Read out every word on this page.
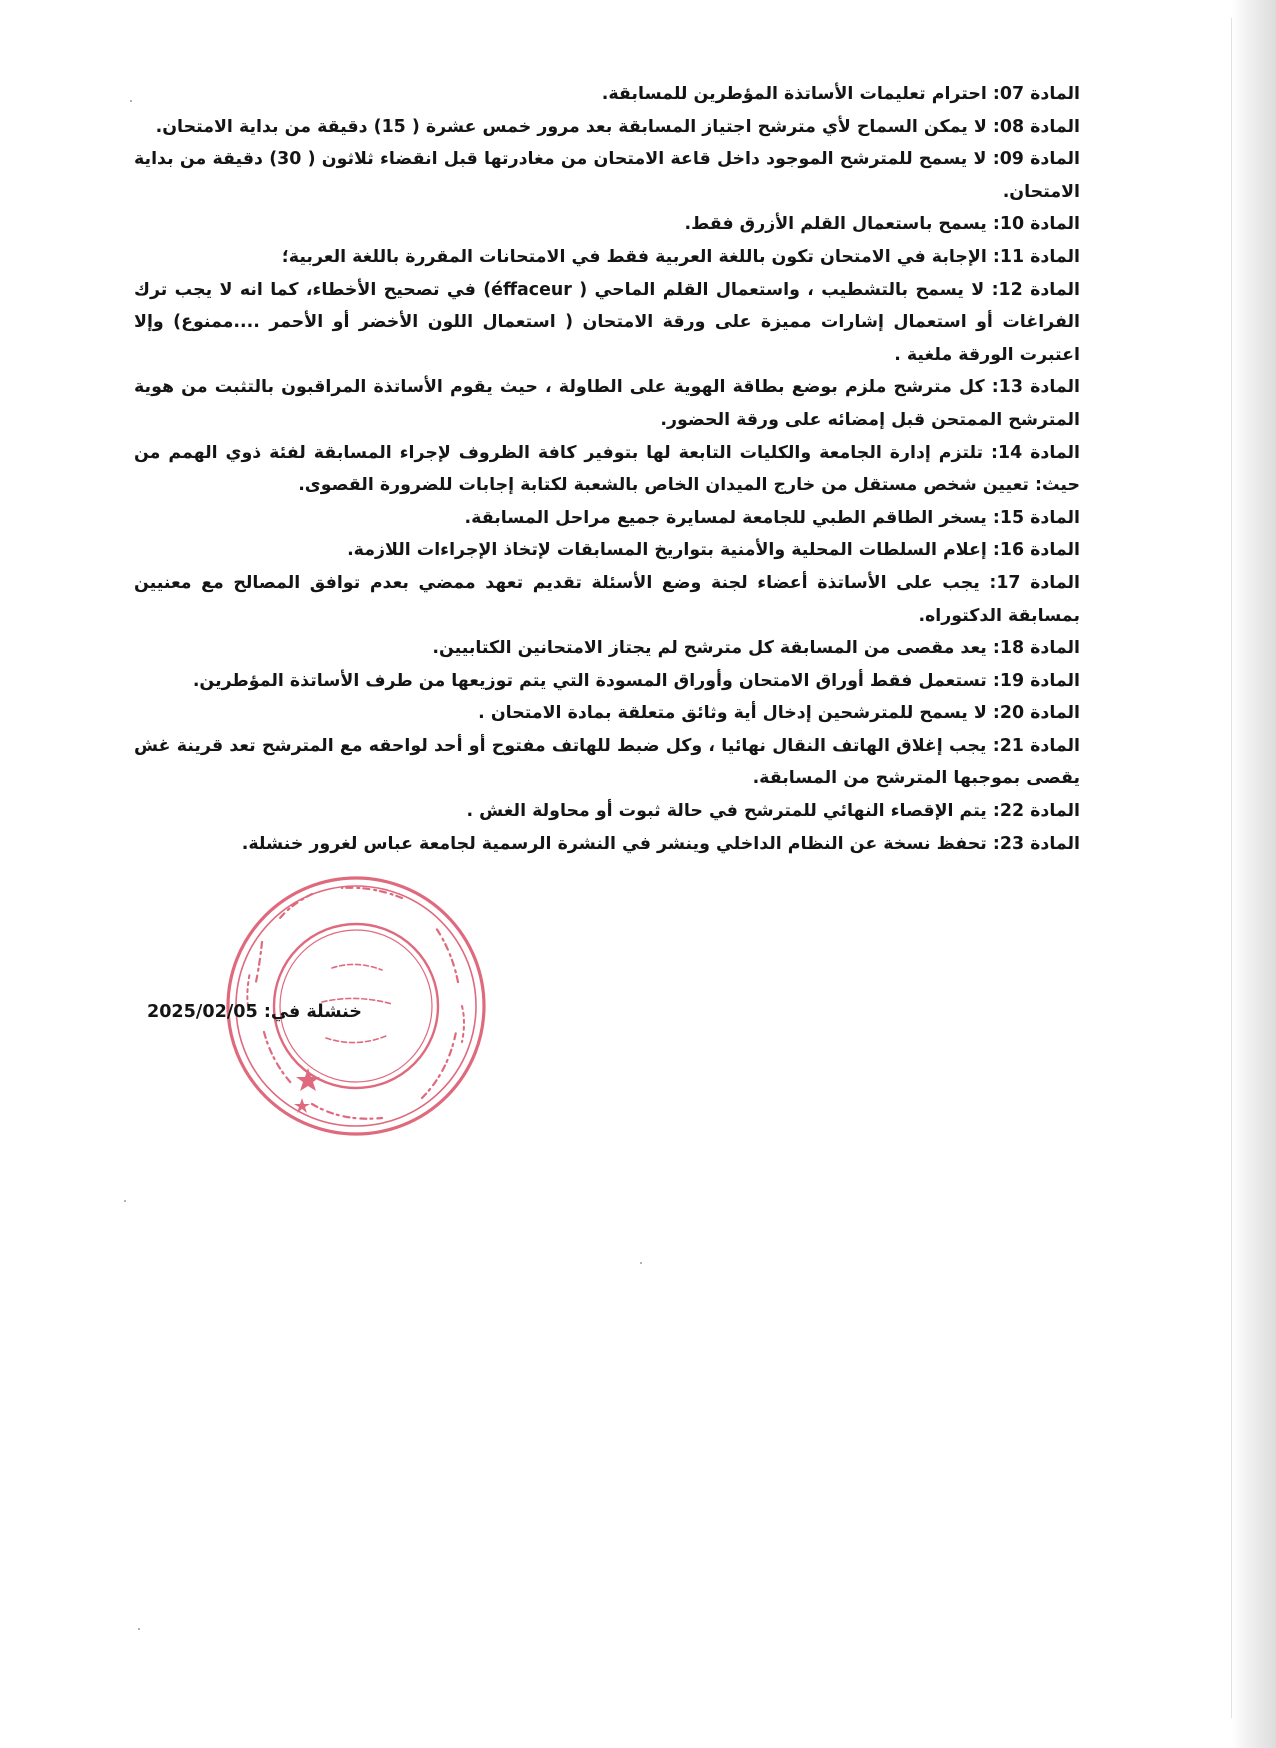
المادة 07: احترام تعليمات الأساتذة المؤطرين للمسابقة.

المادة 08: لا يمكن السماح لأي مترشح اجتياز المسابقة بعد مرور خمس عشرة ( 15) دقيقة من بداية الامتحان.

المادة 09: لا يسمح للمترشح الموجود داخل قاعة الامتحان من مغادرتها قبل انقضاء ثلاثون ( 30) دقيقة من بداية الامتحان.

المادة 10: يسمح باستعمال القلم الأزرق فقط.

المادة 11: الإجابة في الامتحان تكون باللغة العربية فقط في الامتحانات المقررة باللغة العربية؛

المادة 12: لا يسمح بالتشطيب ، واستعمال القلم الماحي ( éffaceur) في تصحيح الأخطاء، كما انه لا يجب ترك الفراغات أو استعمال إشارات مميزة على ورقة الامتحان ( استعمال اللون الأخضر أو الأحمر ....ممنوع) وإلا اعتبرت الورقة ملغية .

المادة 13: كل مترشح ملزم بوضع بطاقة الهوية على الطاولة ، حيث يقوم الأساتذة المراقبون بالتثبت من هوية المترشح الممتحن قبل إمضائه على ورقة الحضور.

المادة 14: تلتزم إدارة الجامعة والكليات التابعة لها بتوفير كافة الظروف لإجراء المسابقة لفئة ذوي الهمم من حيث: تعيين شخص مستقل من خارج الميدان الخاص بالشعبة لكتابة إجابات للضرورة القصوى.

المادة 15: يسخر الطاقم الطبي للجامعة لمسايرة جميع مراحل المسابقة.

المادة 16: إعلام السلطات المحلية والأمنية بتواريخ المسابقات لإتخاذ الإجراءات اللازمة.

المادة 17: يجب على الأساتذة أعضاء لجنة وضع الأسئلة تقديم تعهد ممضي بعدم توافق المصالح مع معنيين بمسابقة الدكتوراه.

المادة 18: يعد مقصى من المسابقة كل مترشح لم يجتاز الامتحانين الكتابيين.

المادة 19: تستعمل فقط أوراق الامتحان وأوراق المسودة التي يتم توزيعها من طرف الأساتذة المؤطرين.

المادة 20: لا يسمح للمترشحين إدخال أية وثائق متعلقة بمادة الامتحان .

المادة 21: يجب إغلاق الهاتف النقال نهائيا ، وكل ضبط للهاتف مفتوح أو أحد لواحقه مع المترشح تعد قرينة غش يقصى بموجبها المترشح من المسابقة.

المادة 22: يتم الإقصاء النهائي للمترشح في حالة ثبوت أو محاولة الغش .

المادة 23: تحفظ نسخة عن النظام الداخلي وينشر في النشرة الرسمية لجامعة عباس لغرور خنشلة.

خنشلة في: 2025/02/05
